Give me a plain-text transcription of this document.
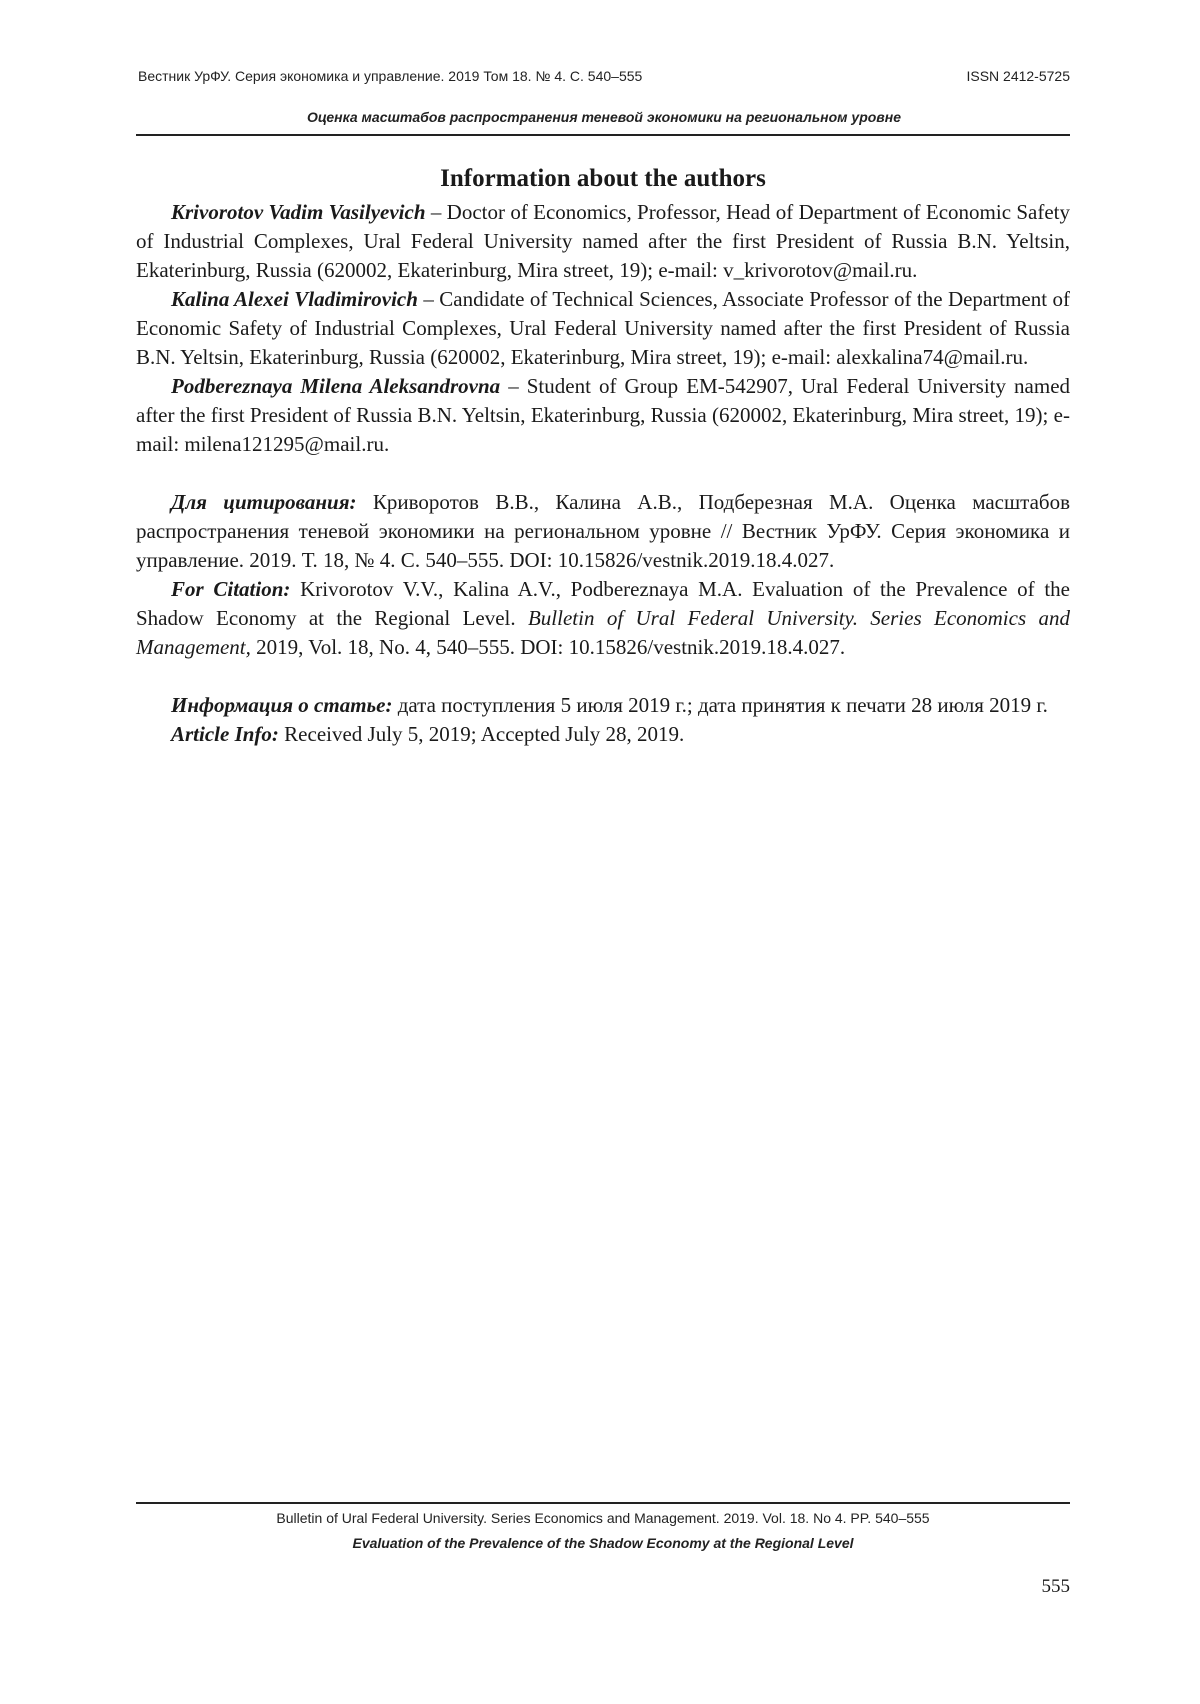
Вестник УрФУ. Серия экономика и управление. 2019 Том 18. № 4. С. 540–555	ISSN 2412-5725
Оценка масштабов распространения теневой экономики на региональном уровне
Information about the authors

Krivorotov Vadim Vasilyevich – Doctor of Economics, Professor, Head of Department of Economic Safety of Industrial Complexes, Ural Federal University named after the first President of Russia B.N. Yeltsin, Ekaterinburg, Russia (620002, Ekaterinburg, Mira street, 19); e-mail: v_krivorotov@mail.ru.

Kalina Alexei Vladimirovich – Candidate of Technical Sciences, Associate Professor of the Department of Economic Safety of Industrial Complexes, Ural Federal University named after the first President of Russia B.N. Yeltsin, Ekaterinburg, Russia (620002, Ekaterinburg, Mira street, 19); e-mail: alexkalina74@mail.ru.

Podbereznaya Milena Aleksandrovna – Student of Group EM-542907, Ural Federal University named after the first President of Russia B.N. Yeltsin, Ekaterinburg, Russia (620002, Ekaterinburg, Mira street, 19); e-mail: milena121295@mail.ru.

Для цитирования: Криворотов В.В., Калина А.В., Подберезная М.А. Оценка масштабов распространения теневой экономики на региональном уровне // Вестник УрФУ. Серия экономика и управление. 2019. Т. 18, № 4. С. 540–555. DOI: 10.15826/vestnik.2019.18.4.027.

For Citation: Krivorotov V.V., Kalina A.V., Podbereznaya M.A. Evaluation of the Prevalence of the Shadow Economy at the Regional Level. Bulletin of Ural Federal University. Series Economics and Management, 2019, Vol. 18, No. 4, 540–555. DOI: 10.15826/vestnik.2019.18.4.027.

Информация о статье: дата поступления 5 июля 2019 г.; дата принятия к печати 28 июля 2019 г.

Article Info: Received July 5, 2019; Accepted July 28, 2019.

Bulletin of Ural Federal University. Series Economics and Management. 2019. Vol. 18. No 4. PP. 540–555
Evaluation of the Prevalence of the Shadow Economy at the Regional Level
555
